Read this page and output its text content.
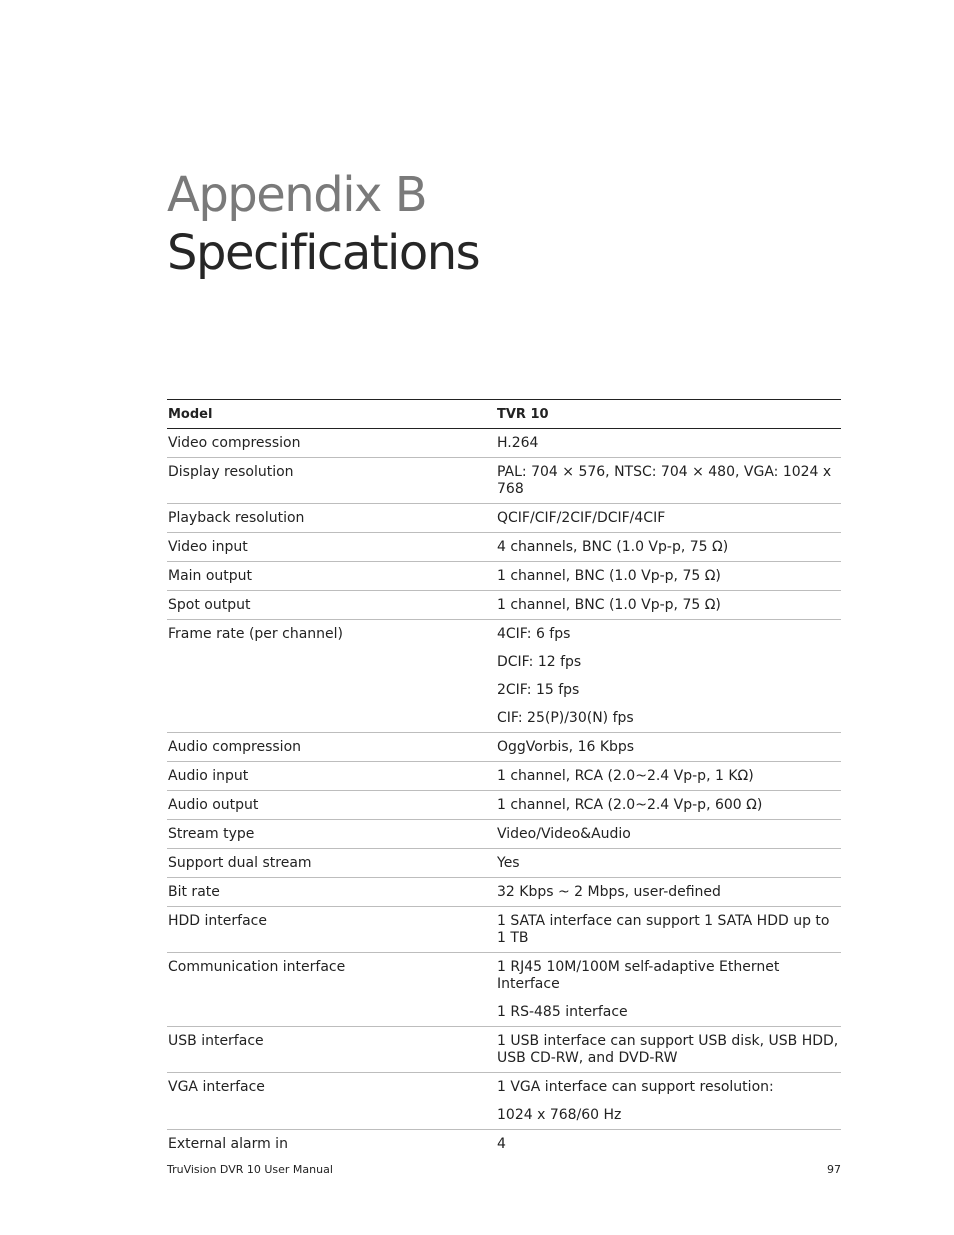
Appendix B
Specifications
Model	TVR 10
Video compression	H.264
Display resolution	PAL: 704 × 576, NTSC: 704 × 480, VGA: 1024 x 768
Playback resolution	QCIF/CIF/2CIF/DCIF/4CIF
Video input	4 channels, BNC (1.0 Vp-p, 75 Ω)
Main output	1 channel, BNC (1.0 Vp-p, 75 Ω)
Spot output	1 channel, BNC (1.0 Vp-p, 75 Ω)
Frame rate (per channel)	4CIF: 6 fps
DCIF: 12 fps
2CIF: 15 fps
CIF: 25(P)/30(N) fps
Audio compression	OggVorbis, 16 Kbps
Audio input	1 channel, RCA (2.0~2.4 Vp-p, 1 KΩ)
Audio output	1 channel, RCA (2.0~2.4 Vp-p, 600 Ω)
Stream type	Video/Video&Audio
Support dual stream	Yes
Bit rate	32 Kbps ~ 2 Mbps, user-defined
HDD interface	1 SATA interface can support 1 SATA HDD up to 1 TB
Communication interface	1 RJ45 10M/100M self-adaptive Ethernet Interface
1 RS-485 interface
USB interface	1 USB interface can support USB disk, USB HDD, USB CD-RW, and DVD-RW
VGA interface	1 VGA interface can support resolution:
1024 x 768/60 Hz
External alarm in	4
TruVision DVR 10 User Manual	97
